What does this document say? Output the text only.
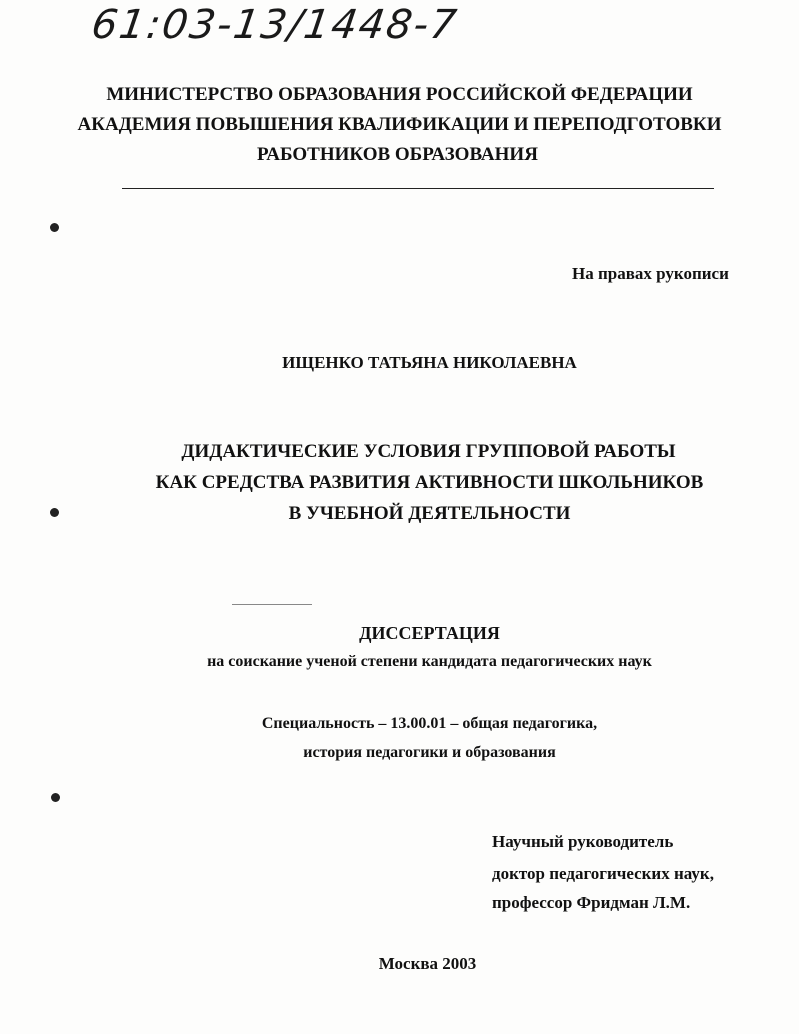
61:03-13/1448-7
МИНИСТЕРСТВО ОБРАЗОВАНИЯ РОССИЙСКОЙ ФЕДЕРАЦИИ
АКАДЕМИЯ ПОВЫШЕНИЯ КВАЛИФИКАЦИИ И ПЕРЕПОДГОТОВКИ
РАБОТНИКОВ ОБРАЗОВАНИЯ
На правах рукописи
ИЩЕНКО ТАТЬЯНА НИКОЛАЕВНА
ДИДАКТИЧЕСКИЕ УСЛОВИЯ ГРУППОВОЙ РАБОТЫ
КАК СРЕДСТВА РАЗВИТИЯ АКТИВНОСТИ ШКОЛЬНИКОВ
В УЧЕБНОЙ ДЕЯТЕЛЬНОСТИ
ДИССЕРТАЦИЯ
на соискание ученой степени кандидата педагогических наук
Специальность – 13.00.01 – общая педагогика,
история педагогики и образования
Научный руководитель
доктор педагогических наук,
профессор Фридман Л.М.
Москва 2003
